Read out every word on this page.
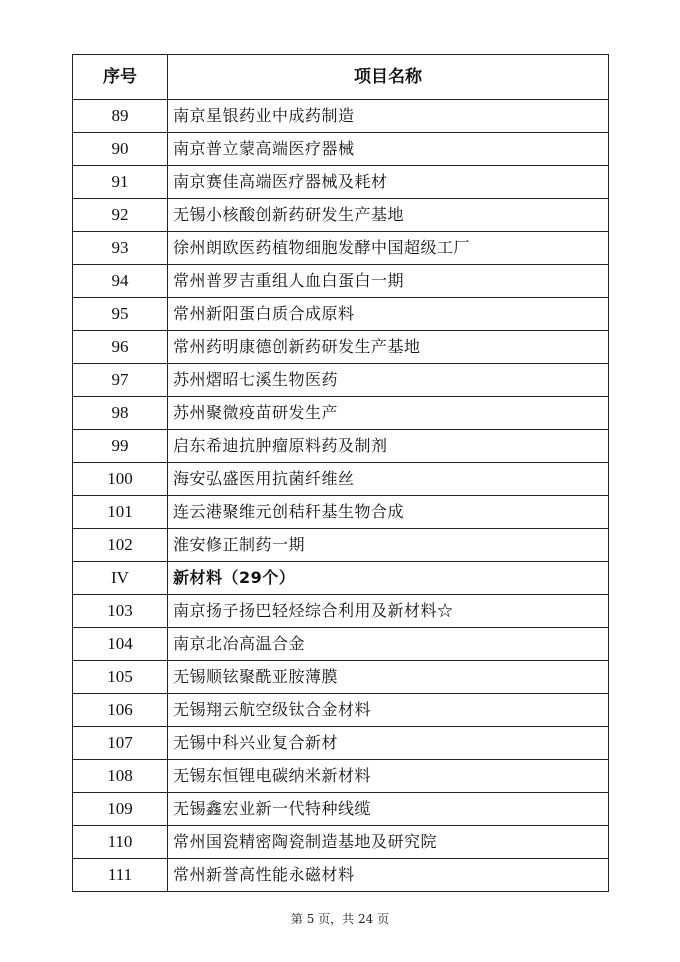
序号	项目名称
89	南京星银药业中成药制造
90	南京普立蒙高端医疗器械
91	南京赛佳高端医疗器械及耗材
92	无锡小核酸创新药研发生产基地
93	徐州朗欧医药植物细胞发酵中国超级工厂
94	常州普罗吉重组人血白蛋白一期
95	常州新阳蛋白质合成原料
96	常州药明康德创新药研发生产基地
97	苏州熠昭七溪生物医药
98	苏州聚微疫苗研发生产
99	启东希迪抗肿瘤原料药及制剂
100	海安弘盛医用抗菌纤维丝
101	连云港聚维元创秸秆基生物合成
102	淮安修正制药一期
IV	新材料（29个）
103	南京扬子扬巴轻烃综合利用及新材料☆
104	南京北冶高温合金
105	无锡顺铉聚酰亚胺薄膜
106	无锡翔云航空级钛合金材料
107	无锡中科兴业复合新材
108	无锡东恒锂电碳纳米新材料
109	无锡鑫宏业新一代特种线缆
110	常州国瓷精密陶瓷制造基地及研究院
111	常州新誉高性能永磁材料
第 5 页，共 24 页
